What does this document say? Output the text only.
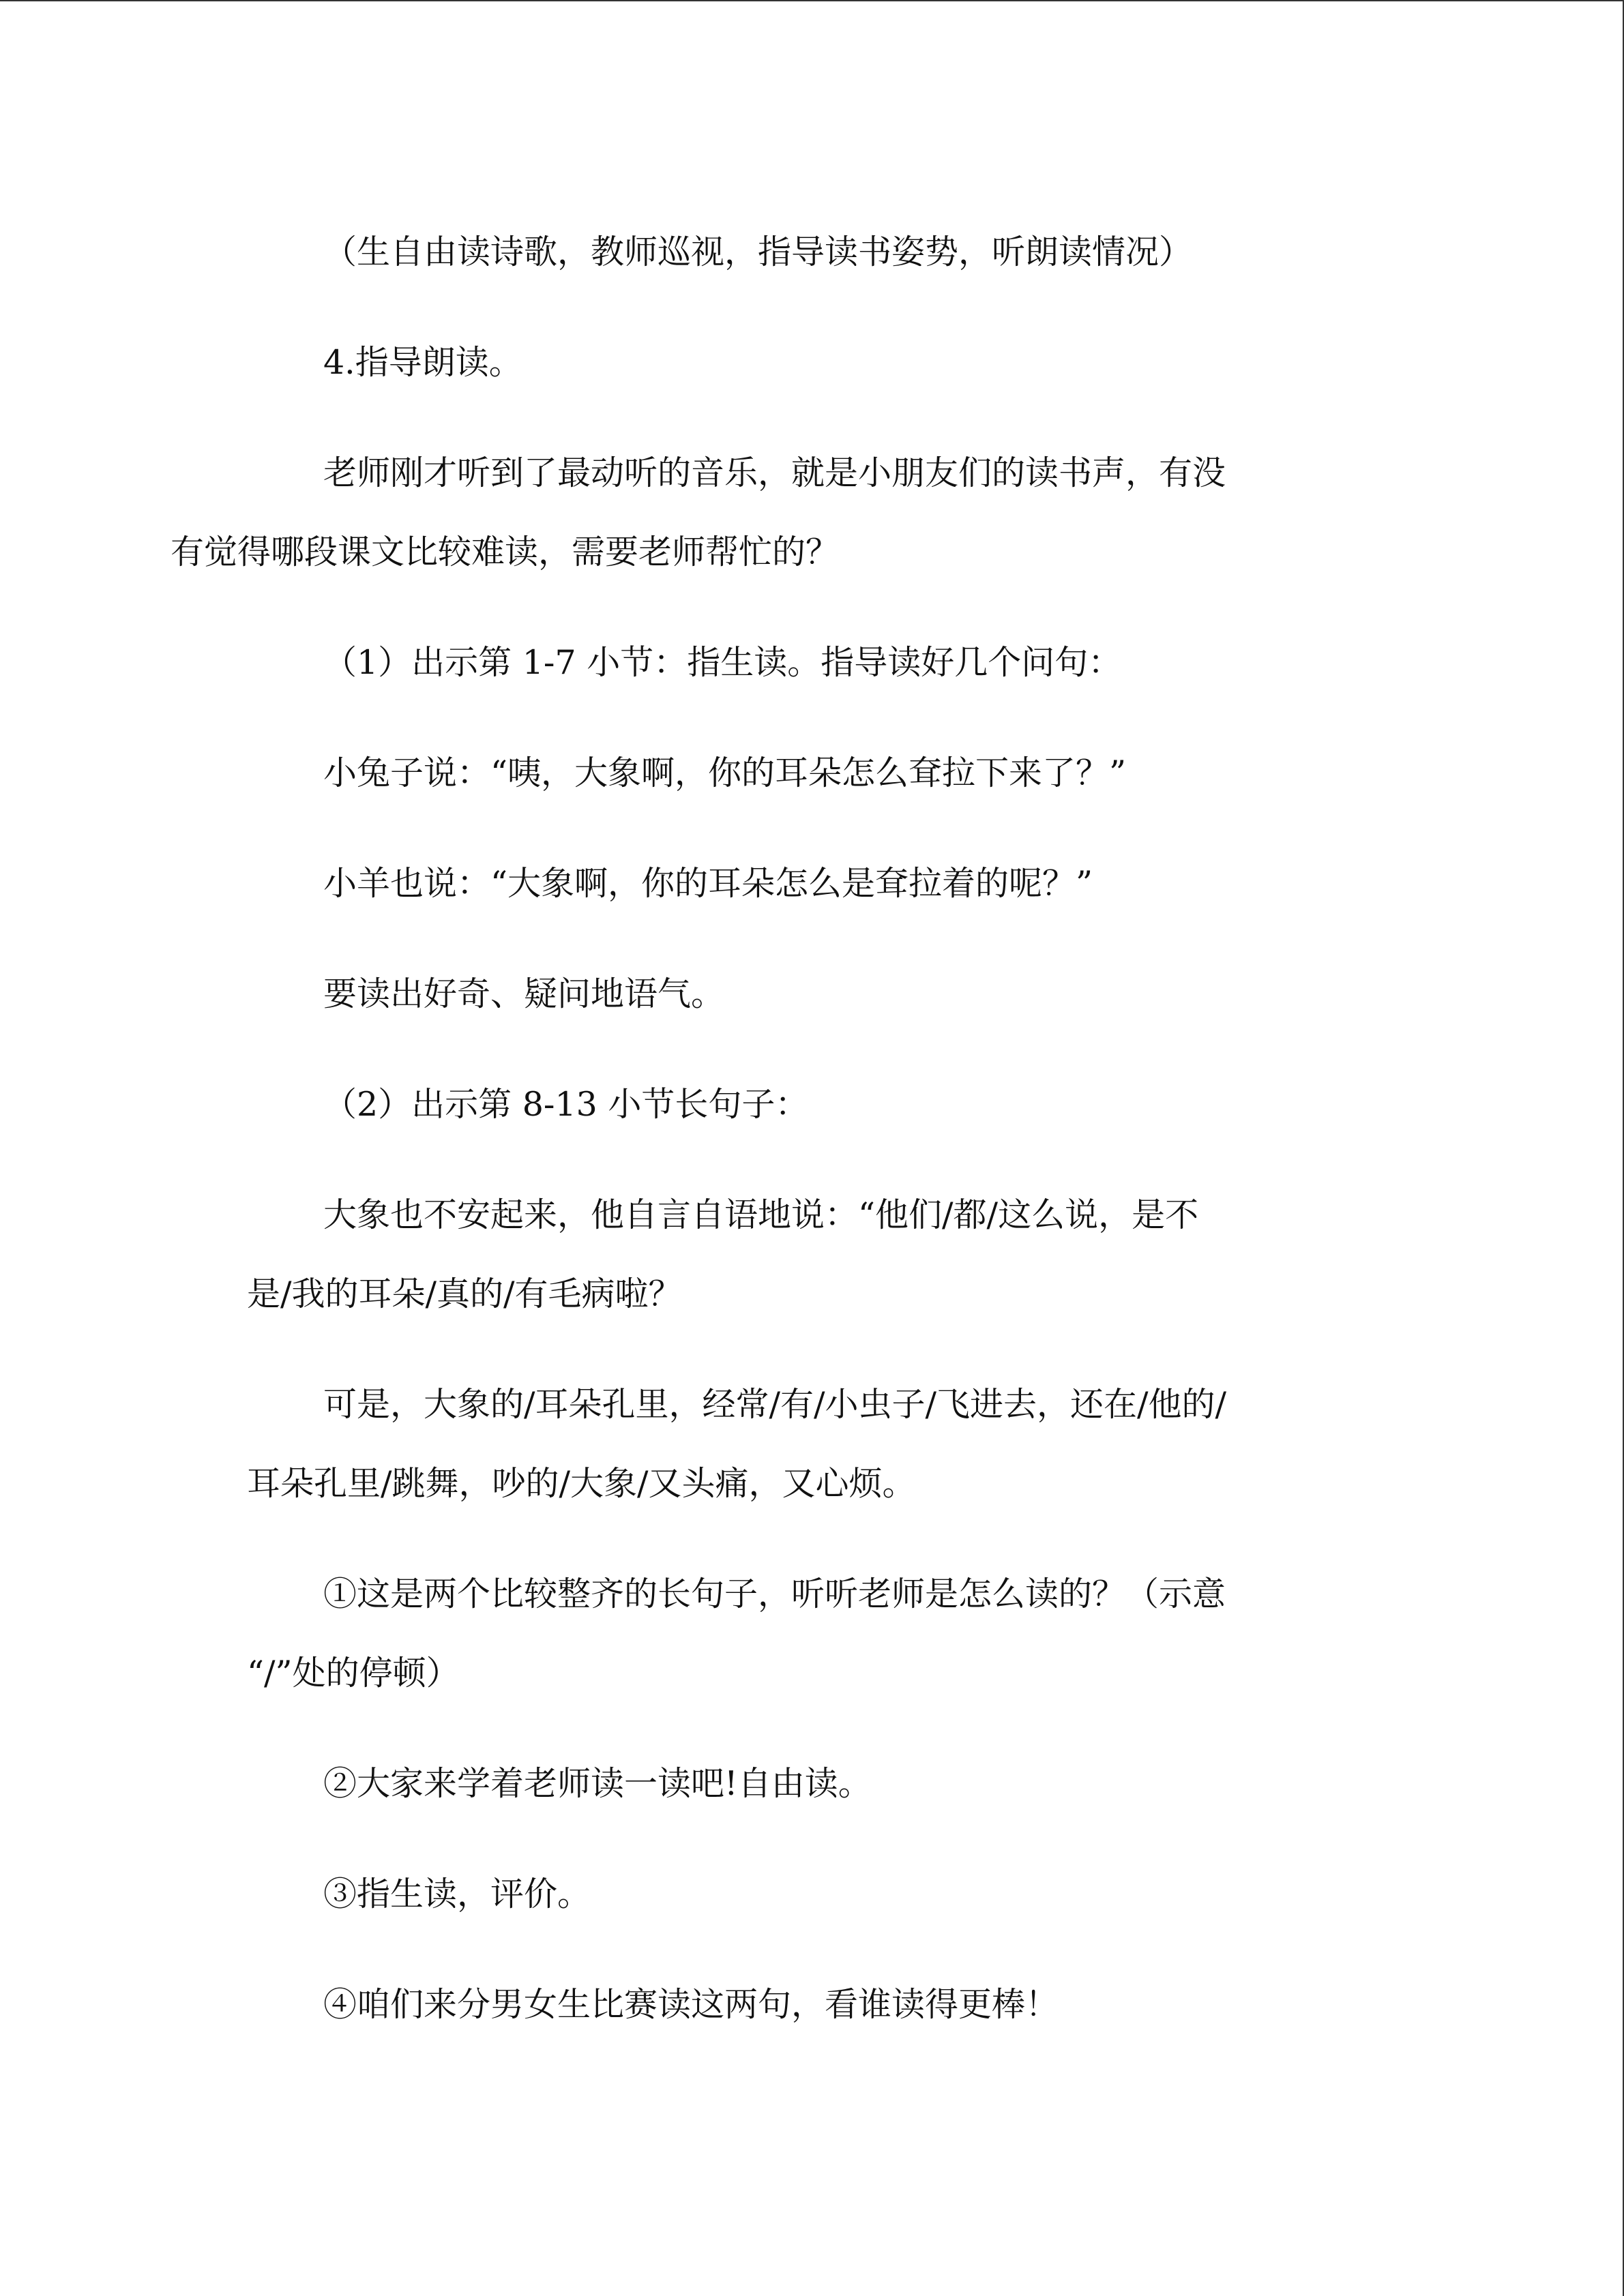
（生自由读诗歌，教师巡视，指导读书姿势，听朗读情况）

4.指导朗读。

老师刚才听到了最动听的音乐，就是小朋友们的读书声，有没
有觉得哪段课文比较难读，需要老师帮忙的？

（1）出示第 1-7 小节：指生读。指导读好几个问句：

小兔子说：“咦，大象啊，你的耳朵怎么耷拉下来了？”

小羊也说：“大象啊，你的耳朵怎么是耷拉着的呢？”

要读出好奇、疑问地语气。

（2）出示第 8-13 小节长句子：

大象也不安起来，他自言自语地说：“他们/都/这么说，是不
是/我的耳朵/真的/有毛病啦？

可是，大象的/耳朵孔里，经常/有/小虫子/飞进去，还在/他的/
耳朵孔里/跳舞，吵的/大象/又头痛，又心烦。

①这是两个比较整齐的长句子，听听老师是怎么读的？（示意
“/”处的停顿）

②大家来学着老师读一读吧!自由读。

③指生读，评价。

④咱们来分男女生比赛读这两句，看谁读得更棒！
